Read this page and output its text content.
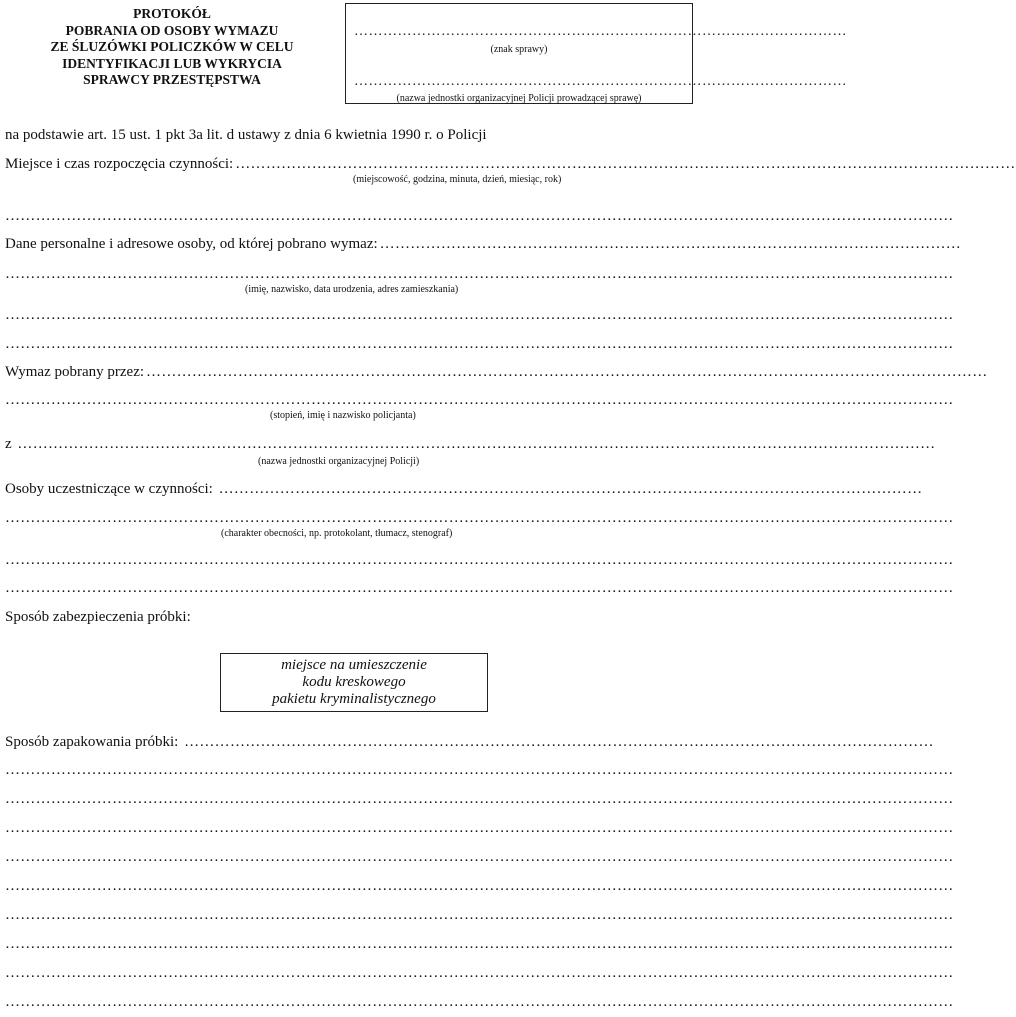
PROTOKÓŁ
POBRANIA OD OSOBY WYMAZU
ZE ŚLUZÓWKI POLICZKÓW W CELU
IDENTYFIKACJI LUB WYKRYCIA
SPRAWCY PRZESTĘPSTWA
…………………………………………………………………………………………
(znak sprawy)
…………………………………………………………………………………………
(nazwa jednostki organizacyjnej Policji prowadzącej sprawę)
na podstawie art. 15 ust. 1 pkt 3a lit. d ustawy z dnia 6 kwietnia 1990 r. o Policji
Miejsce i czas rozpoczęcia czynności: ………………………………………………………………………………………………………………………………………
(miejscowość, godzina, minuta, dzień, miesiąc, rok)
……………………………………………………………………………………………………………………………………………………………………
Dane personalne i adresowe osoby, od której pobrano wymaz: ……………………………………………………………………………………………………
……………………………………………………………………………………………………………………………………………………………………
(imię, nazwisko, data urodzenia, adres zamieszkania)
……………………………………………………………………………………………………………………………………………………………………
……………………………………………………………………………………………………………………………………………………………………
Wymaz pobrany przez: …………………………………………………………………………………………………………………………………………………
……………………………………………………………………………………………………………………………………………………………………
(stopień, imię i nazwisko policjanta)
z ………………………………………………………………………………………………………………………………………………………………
(nazwa jednostki organizacyjnej Policji)
Osoby uczestniczące w czynności: …………………………………………………………………………………………………………………………
……………………………………………………………………………………………………………………………………………………………………
(charakter obecności, np. protokolant, tłumacz, stenograf)
……………………………………………………………………………………………………………………………………………………………………
……………………………………………………………………………………………………………………………………………………………………
Sposób zabezpieczenia próbki:
miejsce na umieszczenie
kodu kreskowego
pakietu kryminalistycznego
Sposób zapakowania próbki: …………………………………………………………………………………………………………………………………
……………………………………………………………………………………………………………………………………………………………………
……………………………………………………………………………………………………………………………………………………………………
……………………………………………………………………………………………………………………………………………………………………
……………………………………………………………………………………………………………………………………………………………………
……………………………………………………………………………………………………………………………………………………………………
……………………………………………………………………………………………………………………………………………………………………
……………………………………………………………………………………………………………………………………………………………………
……………………………………………………………………………………………………………………………………………………………………
……………………………………………………………………………………………………………………………………………………………………
